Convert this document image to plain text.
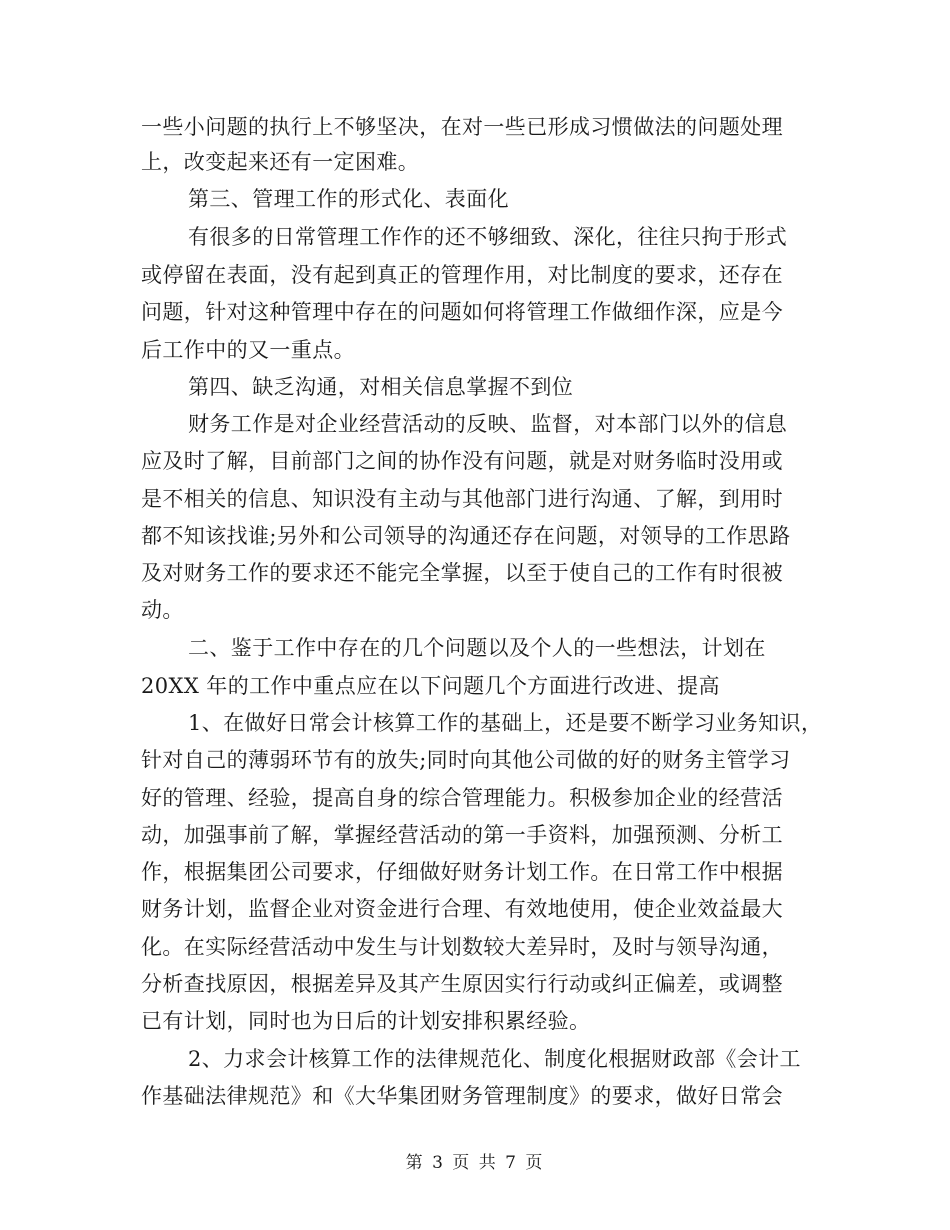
一些小问题的执行上不够坚决，在对一些已形成习惯做法的问题处理
上，改变起来还有一定困难。
第三、管理工作的形式化、表面化
有很多的日常管理工作作的还不够细致、深化，往往只拘于形式
或停留在表面，没有起到真正的管理作用，对比制度的要求，还存在
问题，针对这种管理中存在的问题如何将管理工作做细作深，应是今
后工作中的又一重点。
第四、缺乏沟通，对相关信息掌握不到位
财务工作是对企业经营活动的反映、监督，对本部门以外的信息
应及时了解，目前部门之间的协作没有问题，就是对财务临时没用或
是不相关的信息、知识没有主动与其他部门进行沟通、了解，到用时
都不知该找谁;另外和公司领导的沟通还存在问题，对领导的工作思路
及对财务工作的要求还不能完全掌握，以至于使自己的工作有时很被
动。
二、鉴于工作中存在的几个问题以及个人的一些想法，计划在
20XX 年的工作中重点应在以下问题几个方面进行改进、提高
1、在做好日常会计核算工作的基础上，还是要不断学习业务知识，
针对自己的薄弱环节有的放失;同时向其他公司做的好的财务主管学习
好的管理、经验，提高自身的综合管理能力。积极参加企业的经营活
动，加强事前了解，掌握经营活动的第一手资料，加强预测、分析工
作，根据集团公司要求，仔细做好财务计划工作。在日常工作中根据
财务计划，监督企业对资金进行合理、有效地使用，使企业效益最大
化。在实际经营活动中发生与计划数较大差异时，及时与领导沟通，
分析查找原因，根据差异及其产生原因实行行动或纠正偏差，或调整
已有计划，同时也为日后的计划安排积累经验。
2、力求会计核算工作的法律规范化、制度化根据财政部《会计工
作基础法律规范》和《大华集团财务管理制度》的要求，做好日常会
第 3 页 共 7 页
